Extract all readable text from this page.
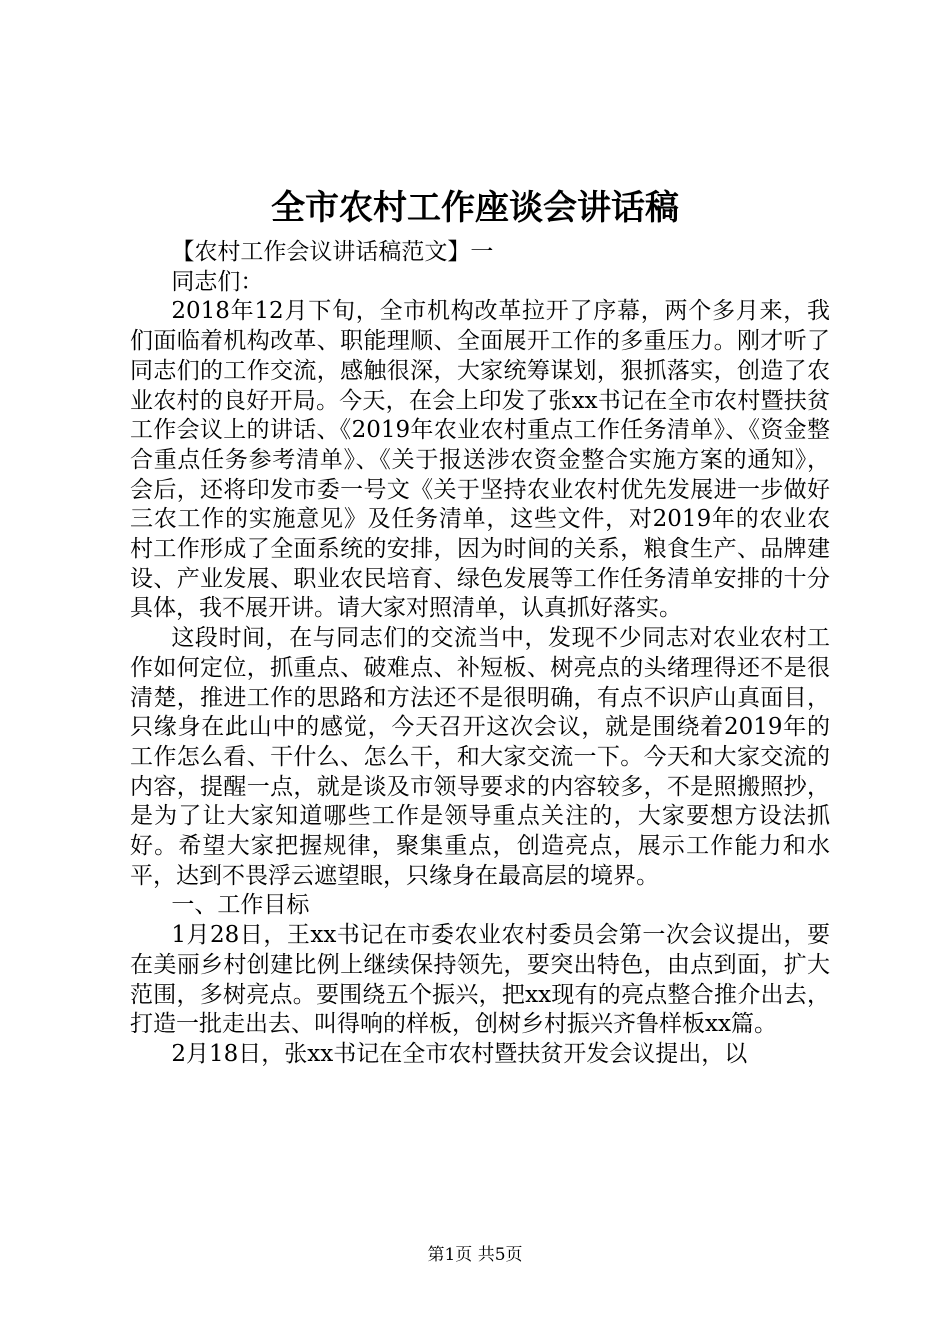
全市农村工作座谈会讲话稿

【农村工作会议讲话稿范文】一

同志们：

2018年12月下旬，全市机构改革拉开了序幕，两个多月来，我们面临着机构改革、职能理顺、全面展开工作的多重压力。刚才听了同志们的工作交流，感触很深，大家统筹谋划，狠抓落实，创造了农业农村的良好开局。今天，在会上印发了张xx书记在全市农村暨扶贫工作会议上的讲话、《2019年农业农村重点工作任务清单》、《资金整合重点任务参考清单》、《关于报送涉农资金整合实施方案的通知》，会后，还将印发市委一号文《关于坚持农业农村优先发展进一步做好三农工作的实施意见》及任务清单，这些文件，对2019年的农业农村工作形成了全面系统的安排，因为时间的关系，粮食生产、品牌建设、产业发展、职业农民培育、绿色发展等工作任务清单安排的十分具体，我不展开讲。请大家对照清单，认真抓好落实。

这段时间，在与同志们的交流当中，发现不少同志对农业农村工作如何定位，抓重点、破难点、补短板、树亮点的头绪理得还不是很清楚，推进工作的思路和方法还不是很明确，有点不识庐山真面目，只缘身在此山中的感觉，今天召开这次会议，就是围绕着2019年的工作怎么看、干什么、怎么干，和大家交流一下。今天和大家交流的内容，提醒一点，就是谈及市领导要求的内容较多，不是照搬照抄，是为了让大家知道哪些工作是领导重点关注的，大家要想方设法抓好。希望大家把握规律，聚集重点，创造亮点，展示工作能力和水平，达到不畏浮云遮望眼，只缘身在最高层的境界。

一、工作目标

1月28日，王xx书记在市委农业农村委员会第一次会议提出，要在美丽乡村创建比例上继续保持领先，要突出特色，由点到面，扩大范围，多树亮点。要围绕五个振兴，把xx现有的亮点整合推介出去，打造一批走出去、叫得响的样板，创树乡村振兴齐鲁样板xx篇。

2月18日，张xx书记在全市农村暨扶贫开发会议提出，以

第1页 共5页
